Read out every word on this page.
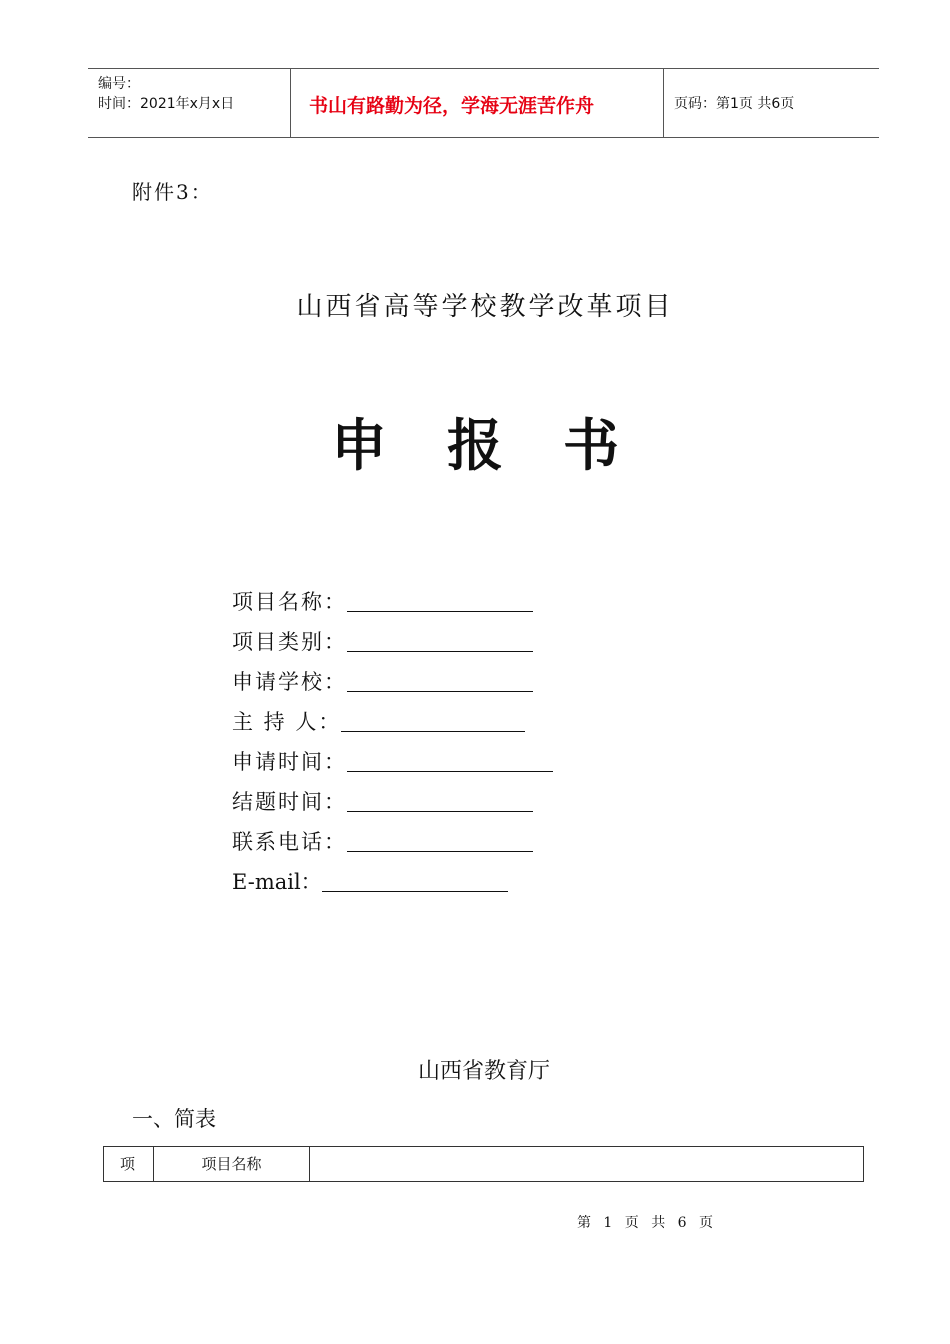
编号：
时间：2021年x月x日	书山有路勤为径，学海无涯苦作舟	页码：第1页 共6页
附件3：
山西省高等学校教学改革项目
申报书
项目名称：
项目类别：
申请学校：
主 持 人：
申请时间：
结题时间：
联系电话：
E-mail：
山西省教育厅
一、简表
项	项目名称
第 1 页 共 6 页
